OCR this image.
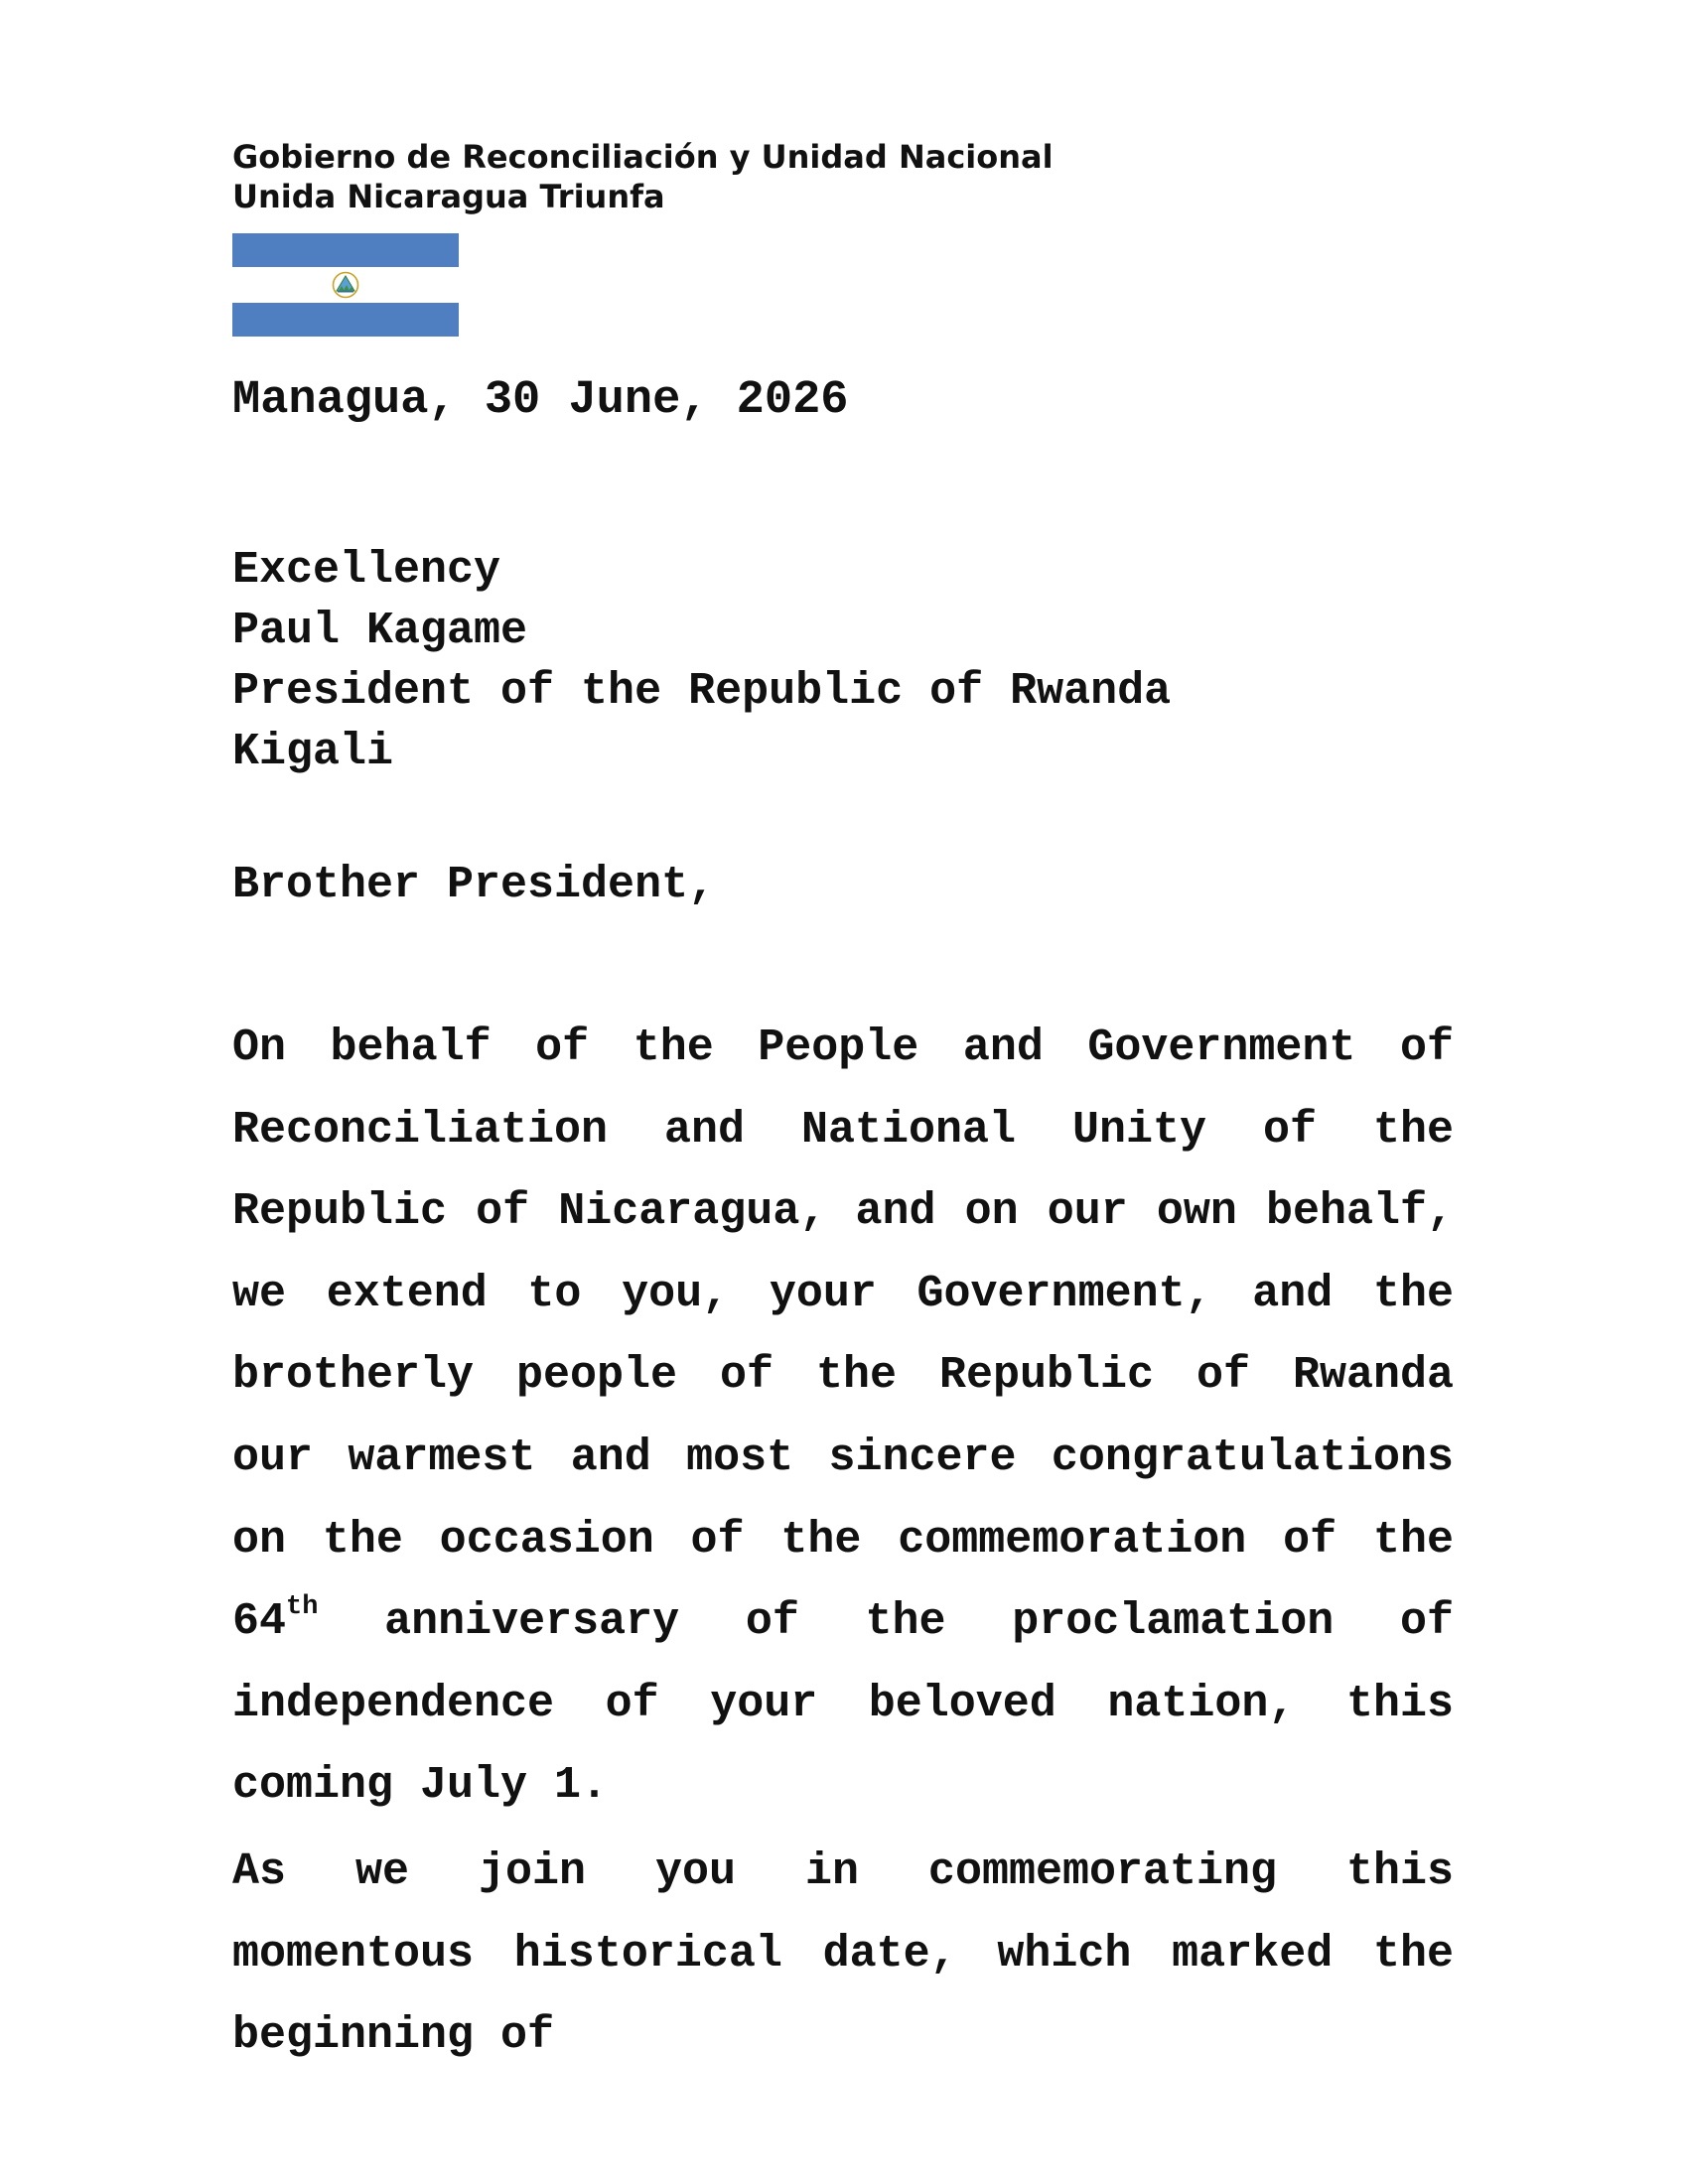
Gobierno de Reconciliación y Unidad Nacional
Unida Nicaragua Triunfa
Managua, 30 June, 2026
Excellency
Paul Kagame
President of the Republic of Rwanda
Kigali
Brother President,
On behalf of the People and Government of Reconciliation and National Unity of the Republic of Nicaragua, and on our own behalf, we extend to you, your Government, and the brotherly people of the Republic of Rwanda our warmest and most sincere congratulations on the occasion of the commemoration of the 64th anniversary of the proclamation of independence of your beloved nation, this coming July 1.
As we join you in commemorating this momentous historical date, which marked the beginning of
